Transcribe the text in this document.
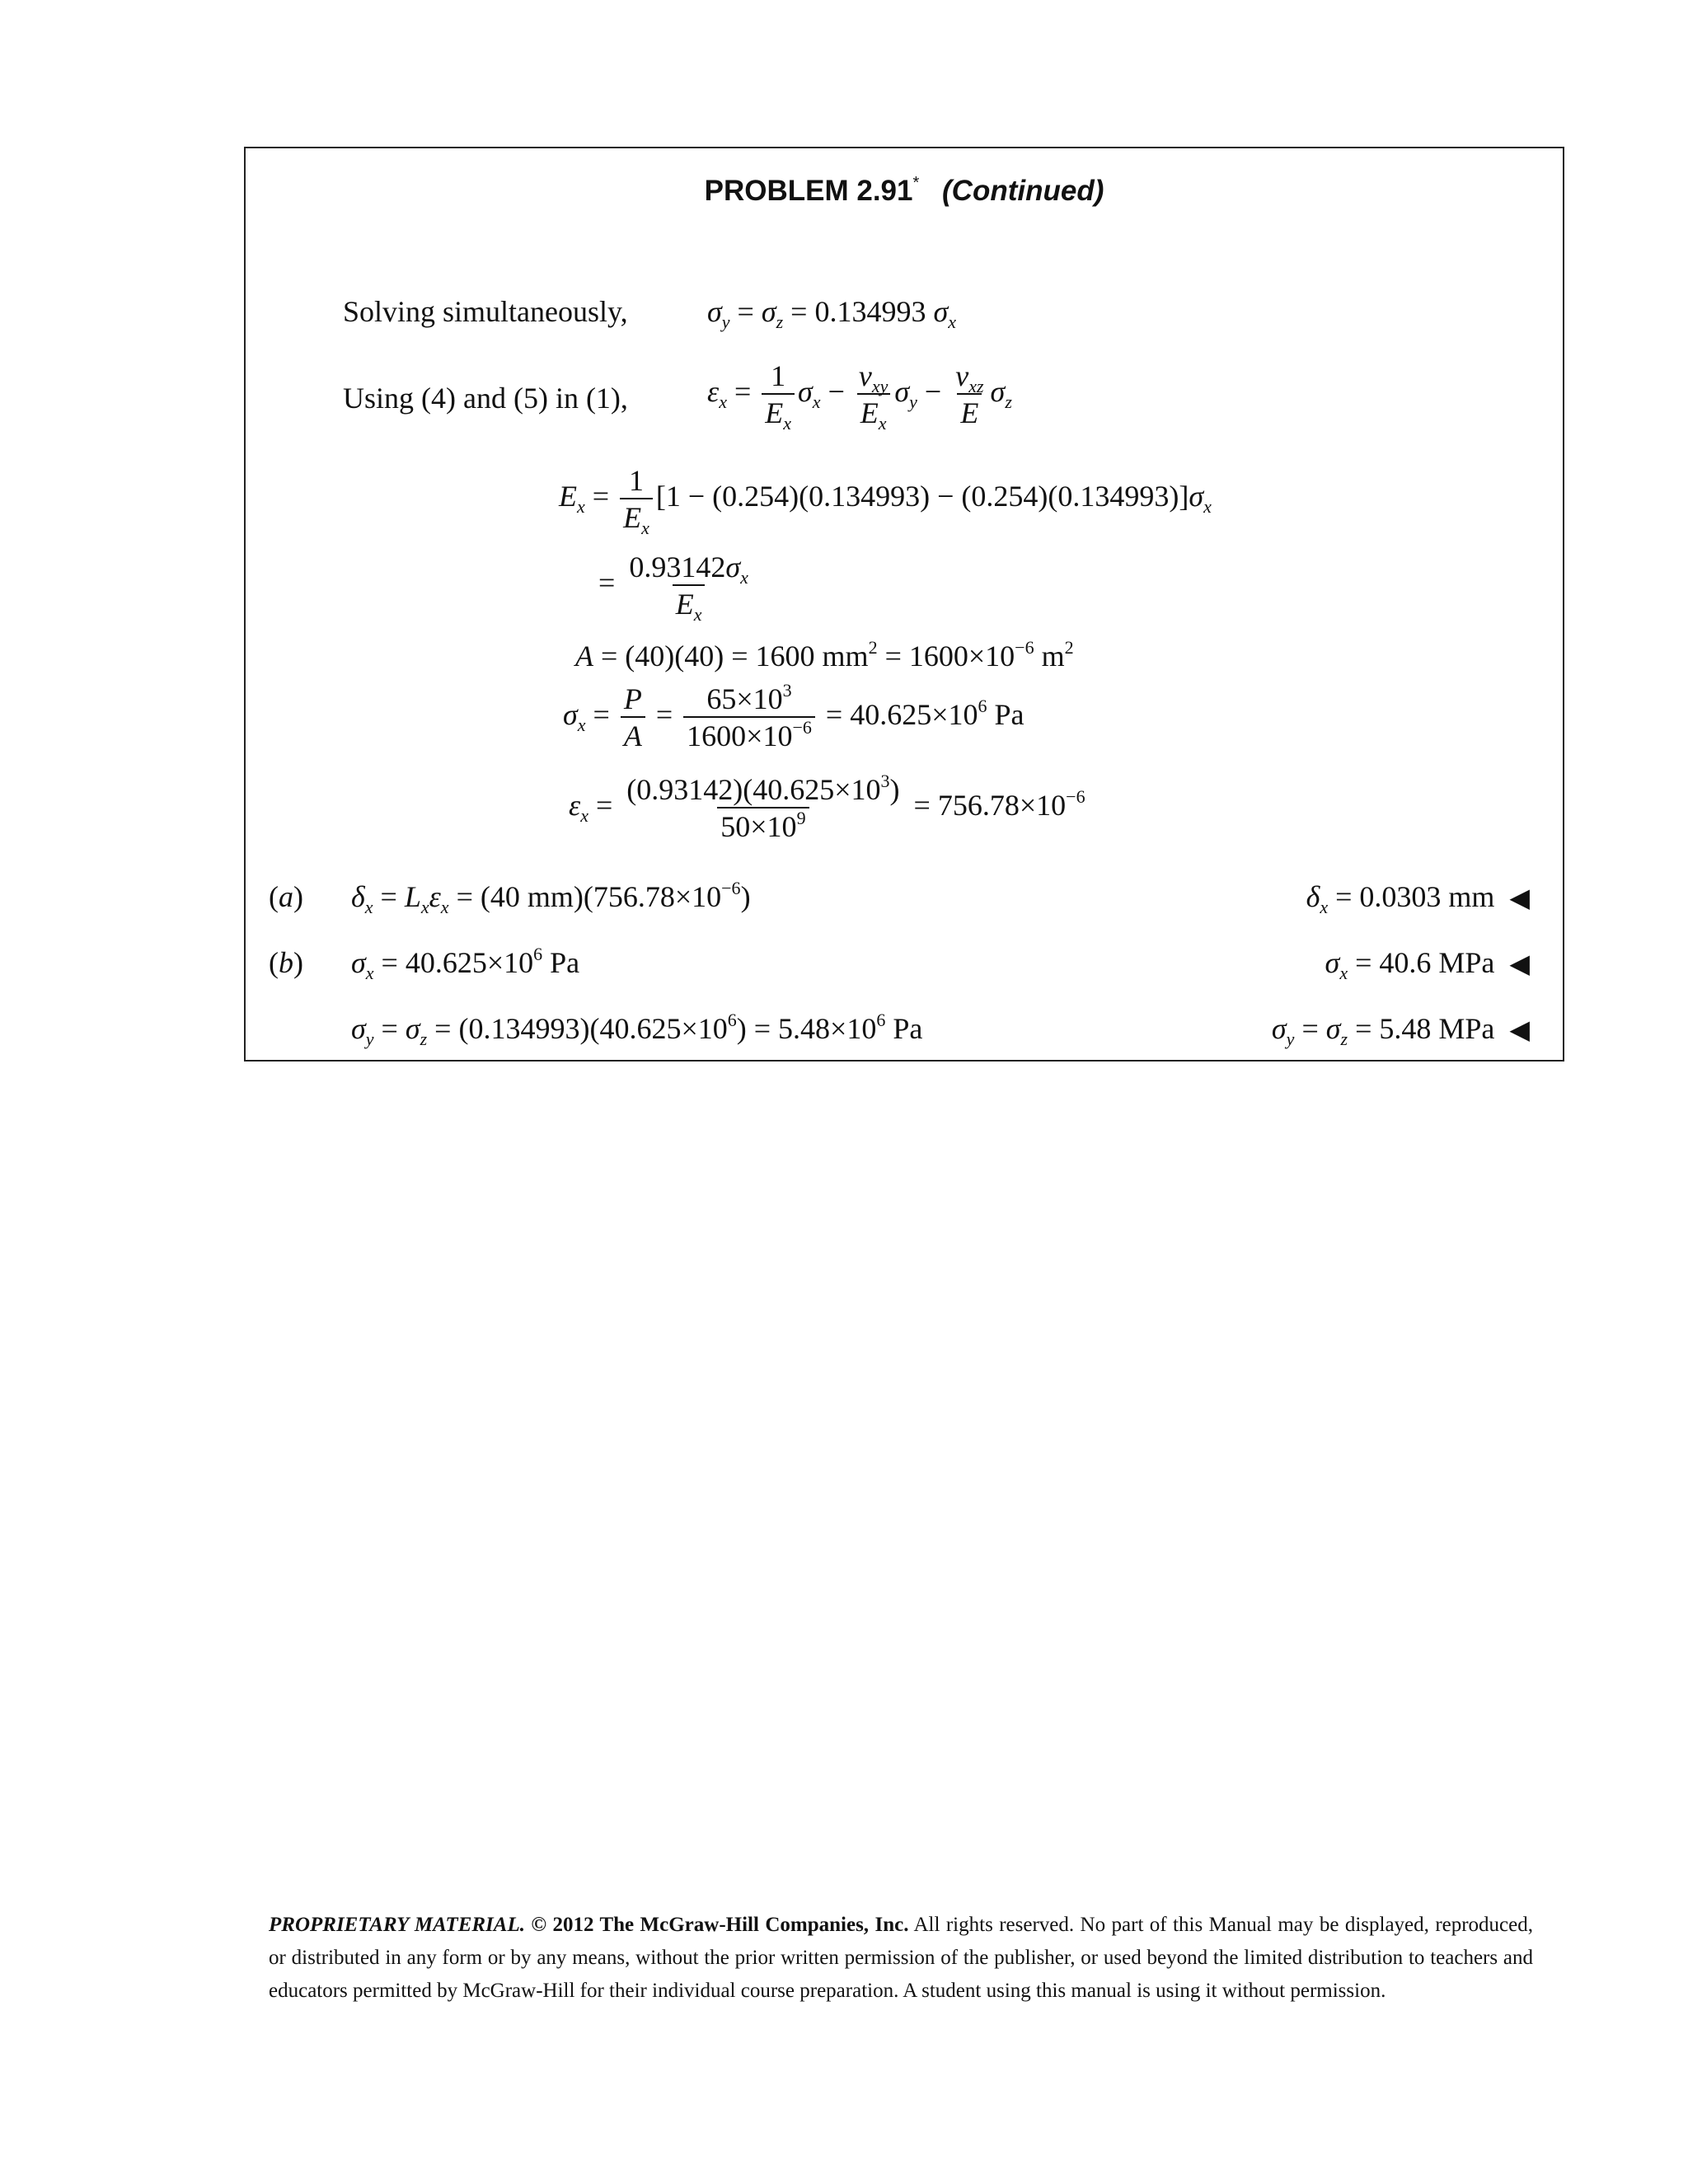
PROBLEM 2.91* (Continued)
Solving simultaneously,	$\sigma_y = \sigma_z = 0.134993$ $\sigma_x$
Using (4) and (5) in (1),	$\varepsilon_x = \frac{1}{E_x} \sigma_x - \frac{v_{xy}}{E_x} \sigma_y - \frac{v_{xz}}{E} \sigma_z$
$E_x = \frac{1}{E_x} [1 - (0.254)(0.134993) - (0.254)(0.134993)]\sigma_x$
= $\frac{0.93142\sigma_x}{E_x}$
A = (40)(40) = 1600 $mm^2 = 1600\times 10^{-6}$ $m^2$
$\sigma_x = \frac{P}{A} = \frac{65\times 10^3}{1600\times 10^{-6}} = 40.625\times 10^6$ Pa
$\varepsilon_x = \frac{(0.93142)(40.625\times 10^3)}{50\times 10^9} = 756.78\times 10^{-6}$
(a) $\delta_x = L_x\varepsilon_x = (40$ $mm)(756.78\times 10^{-6})$	$\delta_x = 0.0303$ mm ◀
(b) $\sigma_x = 40.625\times 10^6$ Pa	$\sigma_x = 40.6$ MPa ◀
$\sigma_y = \sigma_z = (0.134993)(40.625\times 10^6) = 5.48\times 10^6$ Pa	$\sigma_y = \sigma_z = 5.48$ MPa ◀
PROPRIETARY MATERIAL. © 2012 The McGraw-Hill Companies, Inc. All rights reserved. No part of this Manual may be displayed, reproduced, or distributed in any form or by any means, without the prior written permission of the publisher, or used beyond the limited distribution to teachers and educators permitted by McGraw-Hill for their individual course preparation. A student using this manual is using it without permission.
